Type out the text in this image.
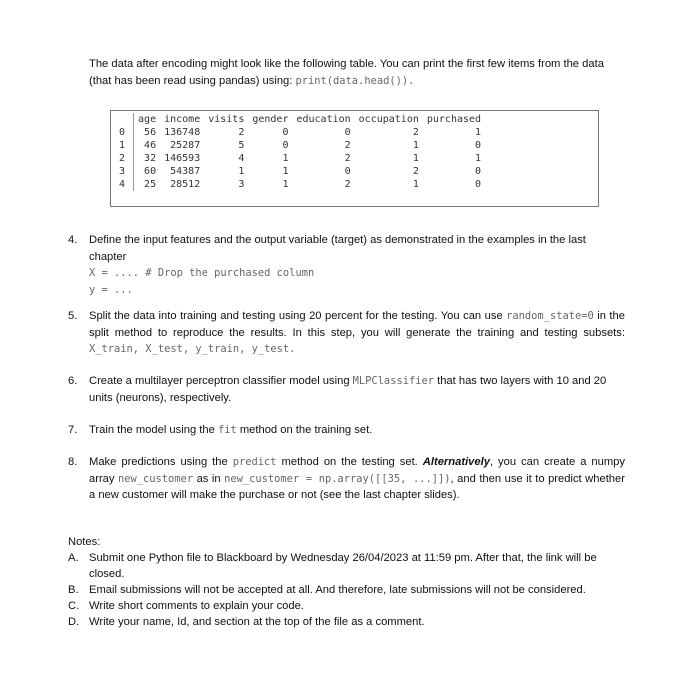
The data after encoding might look like the following table. You can print the first few items from the data (that has been read using pandas) using: print(data.head()).
	age	income	visits	gender	education	occupation	purchased
0	56	136748	2	0	0	2	1
1	46	25287	5	0	2	1	0
2	32	146593	4	1	2	1	1
3	60	54387	1	1	0	2	0
4	25	28512	3	1	2	1	0
4. Define the input features and the output variable (target) as demonstrated in the examples in the last chapter
X = .... # Drop the purchased column
y = ...
5. Split the data into training and testing using 20 percent for the testing. You can use random_state=0 in the split method to reproduce the results. In this step, you will generate the training and testing subsets: X_train, X_test, y_train, y_test.
6. Create a multilayer perceptron classifier model using MLPClassifier that has two layers with 10 and 20 units (neurons), respectively.
7. Train the model using the fit method on the training set.
8. Make predictions using the predict method on the testing set. Alternatively, you can create a numpy array new_customer as in new_customer = np.array([[35, ...]]), and then use it to predict whether a new customer will make the purchase or not (see the last chapter slides).
Notes:
A. Submit one Python file to Blackboard by Wednesday 26/04/2023 at 11:59 pm. After that, the link will be closed.
B. Email submissions will not be accepted at all. And therefore, late submissions will not be considered.
C. Write short comments to explain your code.
D. Write your name, Id, and section at the top of the file as a comment.
